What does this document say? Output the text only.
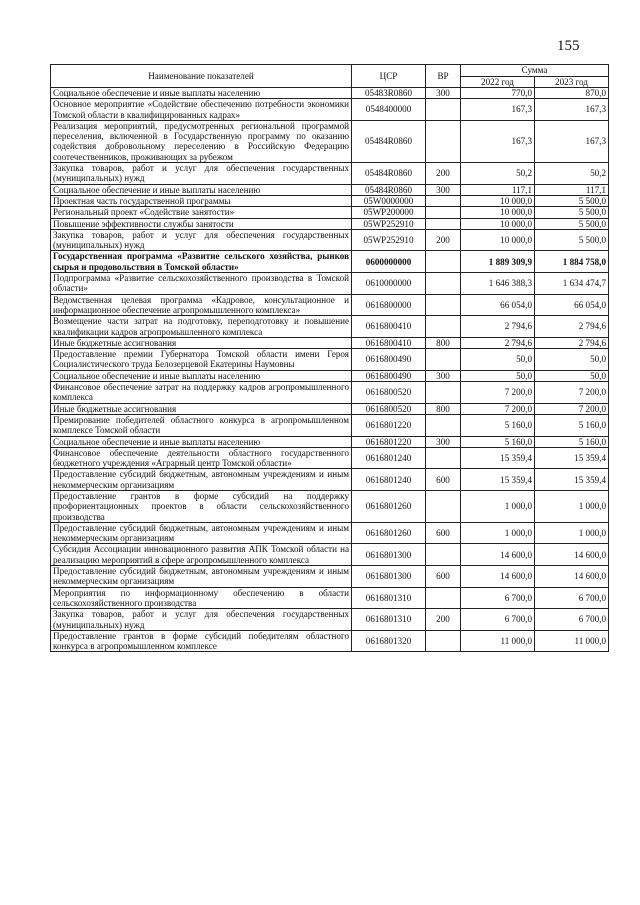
155
Наименование показателей	ЦСР	ВР	Сумма	
			2022 год	2023 год
Социальное обеспечение и иные выплаты населению	05483R0860	300	770,0	870,0
Основное мероприятие «Содействие обеспечению потребности экономики Томской области в квалифицированных кадрах»	0548400000		167,3	167,3
Реализация мероприятий, предусмотренных региональной программой переселения, включенной в Государственную программу по оказанию содействия добровольному переселению в Российскую Федерацию соотечественников, проживающих за рубежом	05484R0860		167,3	167,3
Закупка товаров, работ и услуг для обеспечения государственных (муниципальных) нужд	05484R0860	200	50,2	50,2
Социальное обеспечение и иные выплаты населению	05484R0860	300	117,1	117,1
Проектная часть государственной программы	05W0000000		10 000,0	5 500,0
Региональный проект «Содействие занятости»	05WP200000		10 000,0	5 500,0
Повышение эффективности службы занятости	05WP252910		10 000,0	5 500,0
Закупка товаров, работ и услуг для обеспечения государственных (муниципальных) нужд	05WP252910	200	10 000,0	5 500,0
Государственная программа «Развитие сельского хозяйства, рынков сырья и продовольствия в Томской области»	0600000000		1 889 309,9	1 884 758,0
Подпрограмма «Развитие сельскохозяйственного производства в Томской области»	0610000000		1 646 388,3	1 634 474,7
Ведомственная целевая программа «Кадровое, консультационное и информационное обеспечение агропромышленного комплекса»	0616800000		66 054,0	66 054,0
Возмещение части затрат на подготовку, переподготовку и повышение квалификации кадров агропромышленного комплекса	0616800410		2 794,6	2 794,6
Иные бюджетные ассигнования	0616800410	800	2 794,6	2 794,6
Предоставление премии Губернатора Томской области имени Героя Социалистического труда Белозерцевой Екатерины Наумовны	0616800490		50,0	50,0
Социальное обеспечение и иные выплаты населению	0616800490	300	50,0	50,0
Финансовое обеспечение затрат на поддержку кадров агропромышленного комплекса	0616800520		7 200,0	7 200,0
Иные бюджетные ассигнования	0616800520	800	7 200,0	7 200,0
Премирование победителей областного конкурса в агропромышленном комплексе Томской области	0616801220		5 160,0	5 160,0
Социальное обеспечение и иные выплаты населению	0616801220	300	5 160,0	5 160,0
Финансовое обеспечение деятельности областного государственного бюджетного учреждения «Аграрный центр Томской области»	0616801240		15 359,4	15 359,4
Предоставление субсидий бюджетным, автономным учреждениям и иным некоммерческим организациям	0616801240	600	15 359,4	15 359,4
Предоставление грантов в форме субсидий на поддержку профориентационных проектов в области сельскохозяйственного производства	0616801260		1 000,0	1 000,0
Предоставление субсидий бюджетным, автономным учреждениям и иным некоммерческим организациям	0616801260	600	1 000,0	1 000,0
Субсидия Ассоциации инновационного развития АПК Томской области на реализацию мероприятий в сфере агропромышленного комплекса	0616801300		14 600,0	14 600,0
Предоставление субсидий бюджетным, автономным учреждениям и иным некоммерческим организациям	0616801300	600	14 600,0	14 600,0
Мероприятия по информационному обеспечению в области сельскохозяйственного производства	0616801310		6 700,0	6 700,0
Закупка товаров, работ и услуг для обеспечения государственных (муниципальных) нужд	0616801310	200	6 700,0	6 700,0
Предоставление грантов в форме субсидий победителям областного конкурса в агропромышленном комплексе	0616801320		11 000,0	11 000,0
